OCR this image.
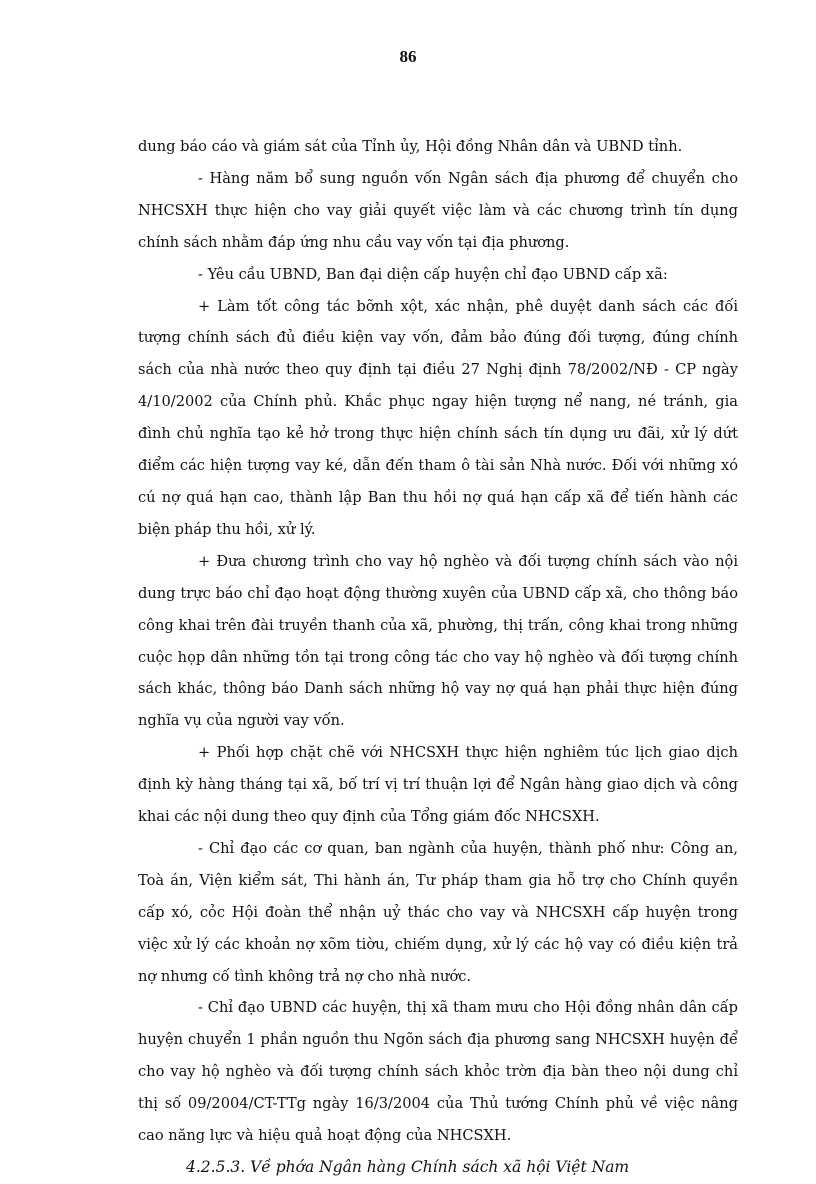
86

dung báo cáo và giám sát của Tỉnh ủy, Hội đồng Nhân dân và UBND tỉnh.

- Hàng năm bổ sung nguồn vốn Ngân sách địa phương để chuyển cho NHCSXH thực hiện cho vay giải quyết việc làm và các chương trình tín dụng chính sách nhằm đáp ứng nhu cầu vay vốn tại địa phương.

- Yêu cầu UBND, Ban đại diện cấp huyện chỉ đạo UBND cấp xã:

+ Làm tốt công tác bỡnh xột, xác nhận, phê duyệt danh sách các đối tượng chính sách đủ điều kiện vay vốn, đảm bảo đúng đối tượng, đúng chính sách của nhà nước theo quy định tại điều 27 Nghị định 78/2002/NĐ - CP ngày 4/10/2002 của Chính phủ. Khắc phục ngay hiện tượng nể nang, né tránh, gia đình chủ nghĩa tạo kẻ hở trong thực hiện chính sách tín dụng ưu đãi, xử lý dứt điểm các hiện tượng vay ké, dẫn đến tham ô tài sản Nhà nước. Đối với những xó cú nợ quá hạn cao, thành lập Ban thu hồi nợ quá hạn cấp xã để tiến hành các biện pháp thu hồi, xử lý.

+ Đưa chương trình cho vay hộ nghèo và đối tượng chính sách vào nội dung trực báo chỉ đạo hoạt động thường xuyên của UBND cấp xã, cho thông báo công khai trên đài truyền thanh của xã, phường, thị trấn, công khai trong những cuộc họp dân những tồn tại trong công tác cho vay hộ nghèo và đối tượng chính sách khác, thông báo Danh sách những hộ vay nợ quá hạn phải thực hiện đúng nghĩa vụ của người vay vốn.

+ Phối hợp chặt chẽ với NHCSXH thực hiện nghiêm túc lịch giao dịch định kỳ hàng tháng tại xã, bố trí vị trí thuận lợi để Ngân hàng giao dịch và công khai các nội dung theo quy định của Tổng giám đốc NHCSXH.

- Chỉ đạo các cơ quan, ban ngành của huyện, thành phố như: Công an, Toà án, Viện kiểm sát, Thi hành án, Tư pháp tham gia hỗ trợ cho Chính quyền cấp xó, cỏc Hội đoàn thể nhận uỷ thác cho vay và NHCSXH cấp huyện trong việc xử lý các khoản nợ xõm tiờu, chiếm dụng, xử lý các hộ vay có điều kiện trả nợ nhưng cố tình không trả nợ cho nhà nước.

- Chỉ đạo UBND các huyện, thị xã tham mưu cho Hội đồng nhân dân cấp huyện chuyển 1 phần nguồn thu Ngõn sách địa phương sang NHCSXH huyện để cho vay hộ nghèo và đối tượng chính sách khỏc trờn địa bàn theo nội dung chỉ thị số 09/2004/CT-TTg ngày 16/3/2004 của Thủ tướng Chính phủ về việc nâng cao năng lực và hiệu quả hoạt động của NHCSXH.

4.2.5.3. Về phớa Ngân hàng Chính sách xã hội Việt Nam
